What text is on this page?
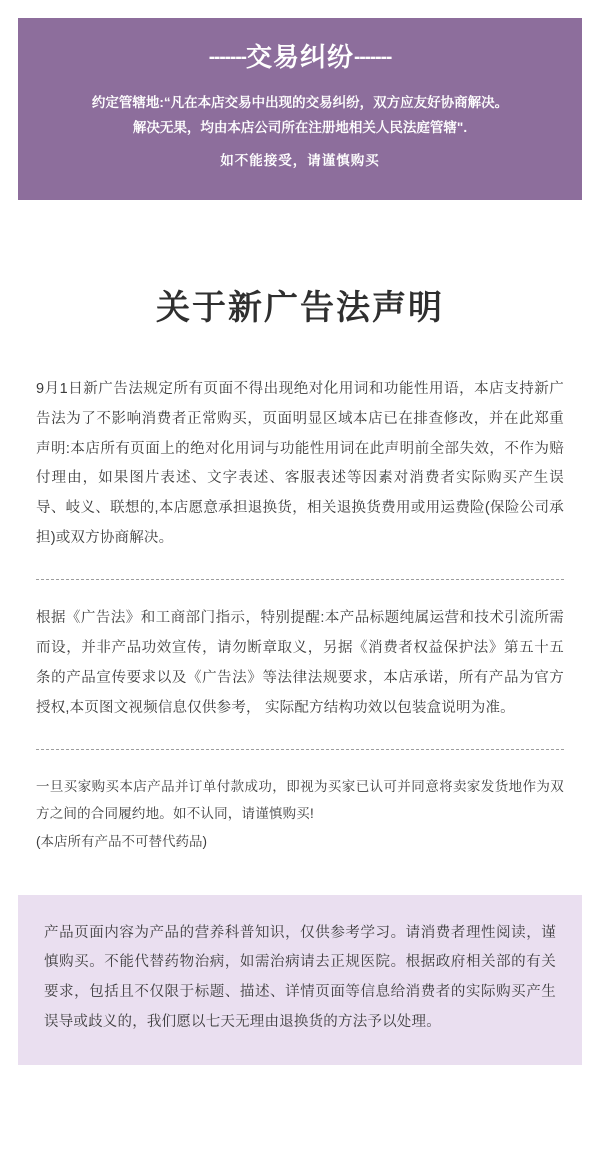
-------交易纠纷-------
约定管辖地:“凡在本店交易中出现的交易纠纷，双方应友好协商解决。
解决无果，均由本店公司所在注册地相关人民法庭管辖".
如不能接受，请谨慎购买
关于新广告法声明

9月1日新广告法规定所有页面不得出现绝对化用词和功能性用语，本店支持新广告法为了不影响消费者正常购买，页面明显区域本店已在排查修改，并在此郑重声明:本店所有页面上的绝对化用词与功能性用词在此声明前全部失效，不作为赔付理由，如果图片表述、文字表述、客服表述等因素对消费者实际购买产生误导、岐义、联想的,本店愿意承担退换货，相关退换货费用或用运费险(保险公司承担)或双方协商解决。

根据《广告法》和工商部门指示，特别提醒:本产品标题纯属运营和技术引流所需而设，并非产品功效宣传，请勿断章取义，另据《消费者权益保护法》第五十五条的产品宣传要求以及《广告法》等法律法规要求，本店承诺，所有产品为官方授权,本页图文视频信息仅供参考， 实际配方结构功效以包装盒说明为准。

一旦买家购买本店产品并订单付款成功，即视为买家已认可并同意将卖家发货地作为双方之间的合同履约地。如不认同，请谨慎购买!

(本店所有产品不可替代药品)

产品页面内容为产品的营养科普知识，仅供参考学习。请消费者理性阅读，谨慎购买。不能代替药物治病，如需治病请去正规医院。根据政府相关部的有关要求，包括且不仅限于标题、描述、详情页面等信息给消费者的实际购买产生误导或歧义的，我们愿以七天无理由退换货的方法予以处理。
